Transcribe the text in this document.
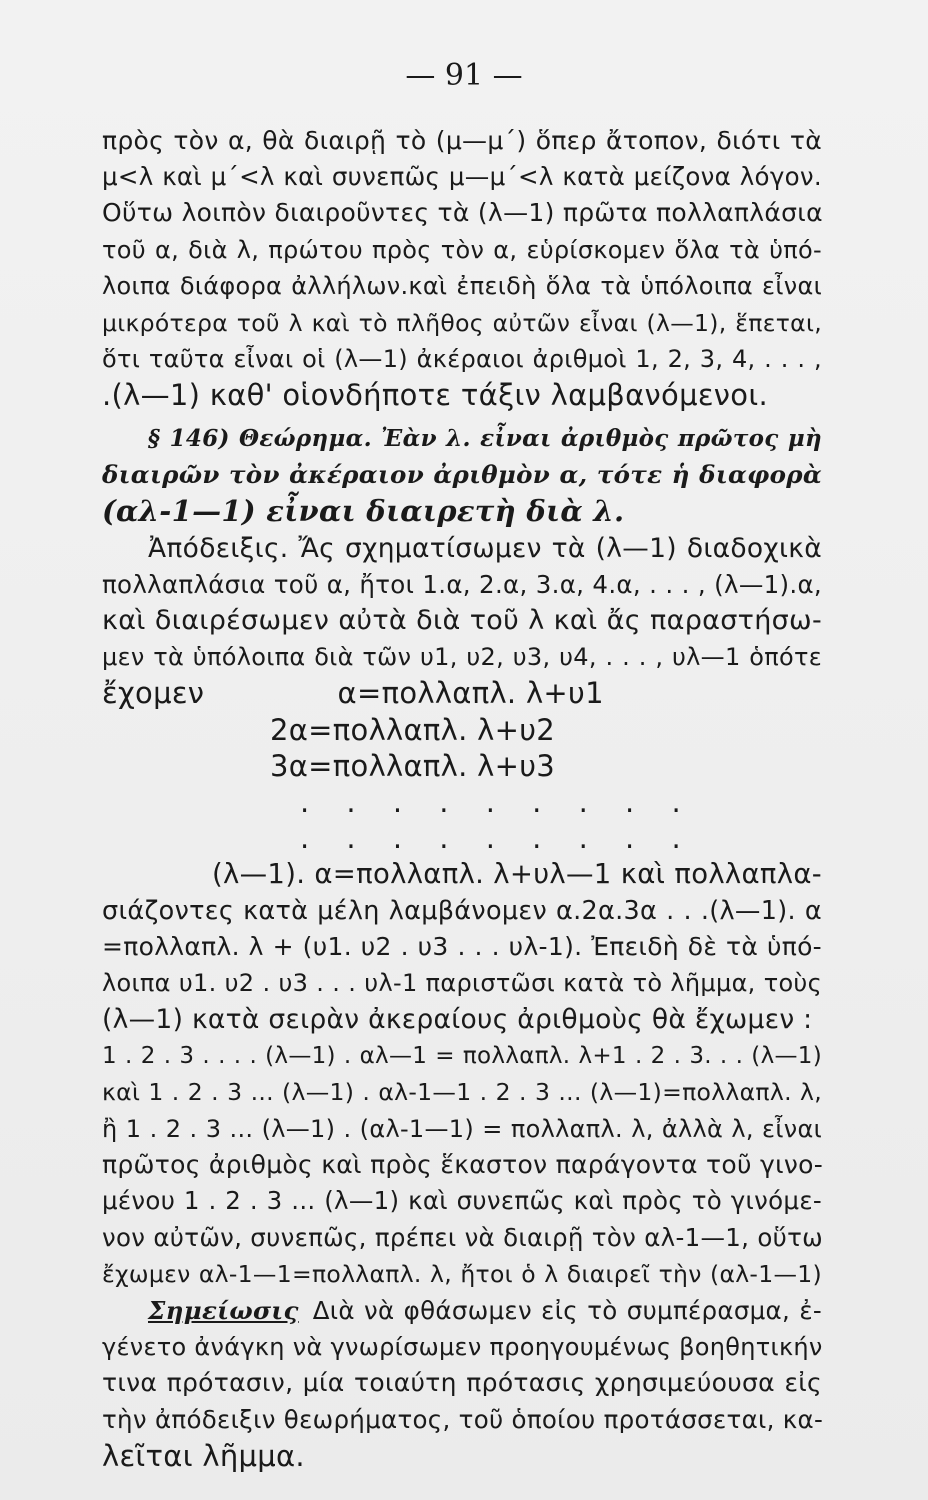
— 91 —
πρὸς τὸν α, θὰ διαιρῇ τὸ (μ—μ΄) ὅπερ ἄτοπον, διότι τὰ
μ<λ καὶ μ΄<λ καὶ συνεπῶς μ—μ΄<λ κατὰ μείζονα λόγον.
Οὕτω λοιπὸν διαιροῦντες τὰ (λ—1) πρῶτα πολλαπλάσια
τοῦ α, διὰ λ, πρώτου πρὸς τὸν α, εὑρίσκομεν ὅλα τὰ ὑπό-
λοιπα διάφορα ἀλλήλων.καὶ ἐπειδὴ ὅλα τὰ ὑπόλοιπα εἶναι
μικρότερα τοῦ λ καὶ τὸ πλῆθος αὐτῶν εἶναι (λ—1), ἕπεται,
ὅτι ταῦτα εἶναι οἱ (λ—1) ἀκέραιοι ἀριθμοὶ 1, 2, 3, 4, . . . ,
.(λ—1) καθ' οἱονδήποτε τάξιν λαμβανόμενοι.
§ 146) Θεώρημα. Ἐὰν λ. εἶναι ἀριθμὸς πρῶτος μὴ
διαιρῶν τὸν ἀκέραιον ἀριθμὸν α, τότε ἡ διαφορὰ
(αλ-1—1) εἶναι διαιρετὴ διὰ λ.
Ἀπόδειξις. Ἄς σχηματίσωμεν τὰ (λ—1) διαδοχικὰ
πολλαπλάσια τοῦ α, ἤτοι 1.α, 2.α, 3.α, 4.α, . . . , (λ—1).α,
καὶ διαιρέσωμεν αὐτὰ διὰ τοῦ λ καὶ ἄς παραστήσω-
μεν τὰ ὑπόλοιπα διὰ τῶν υ1, υ2, υ3, υ4, . . . , υλ—1 ὁπότε
ἔχομεν              α=πολλαπλ. λ+υ1
2α=πολλαπλ. λ+υ2
3α=πολλαπλ. λ+υ3
. . . . . . . . .
. . . . . . . . .
(λ—1). α=πολλαπλ. λ+υλ—1 καὶ πολλαπλα-
σιάζοντες κατὰ μέλη λαμβάνομεν α.2α.3α . . .(λ—1). α
=πολλαπλ. λ + (υ1. υ2 . υ3 . . . υλ-1). Ἐπειδὴ δὲ τὰ ὑπό-
λοιπα υ1. υ2 . υ3 . . . υλ-1 παριστῶσι κατὰ τὸ λῆμμα, τοὺς
(λ—1) κατὰ σειρὰν ἀκεραίους ἀριθμοὺς θὰ ἔχωμεν :
1 . 2 . 3 . . . . (λ—1) . αλ—1 = πολλαπλ. λ+1 . 2 . 3. . . (λ—1)
καὶ 1 . 2 . 3 ... (λ—1) . αλ-1—1 . 2 . 3 ... (λ—1)=πολλαπλ. λ,
ἢ 1 . 2 . 3 ... (λ—1) . (αλ-1—1) = πολλαπλ. λ, ἀλλὰ λ, εἶναι
πρῶτος ἀριθμὸς καὶ πρὸς ἕκαστον παράγοντα τοῦ γινο-
μένου 1 . 2 . 3 ... (λ—1) καὶ συνεπῶς καὶ πρὸς τὸ γινόμε-
νον αὐτῶν, συνεπῶς, πρέπει νὰ διαιρῇ τὸν αλ-1—1, οὕτω
ἔχωμεν αλ-1—1=πολλαπλ. λ, ἤτοι ὁ λ διαιρεῖ τὴν (αλ-1—1)
Σημείωσις Διὰ νὰ φθάσωμεν εἰς τὸ συμπέρασμα, ἐ-
γένετο ἀνάγκη νὰ γνωρίσωμεν προηγουμένως βοηθητικήν
τινα πρότασιν, μία τοιαύτη πρότασις χρησιμεύουσα εἰς
τὴν ἀπόδειξιν θεωρήματος, τοῦ ὁποίου προτάσσεται, κα-
λεῖται λῆμμα.
